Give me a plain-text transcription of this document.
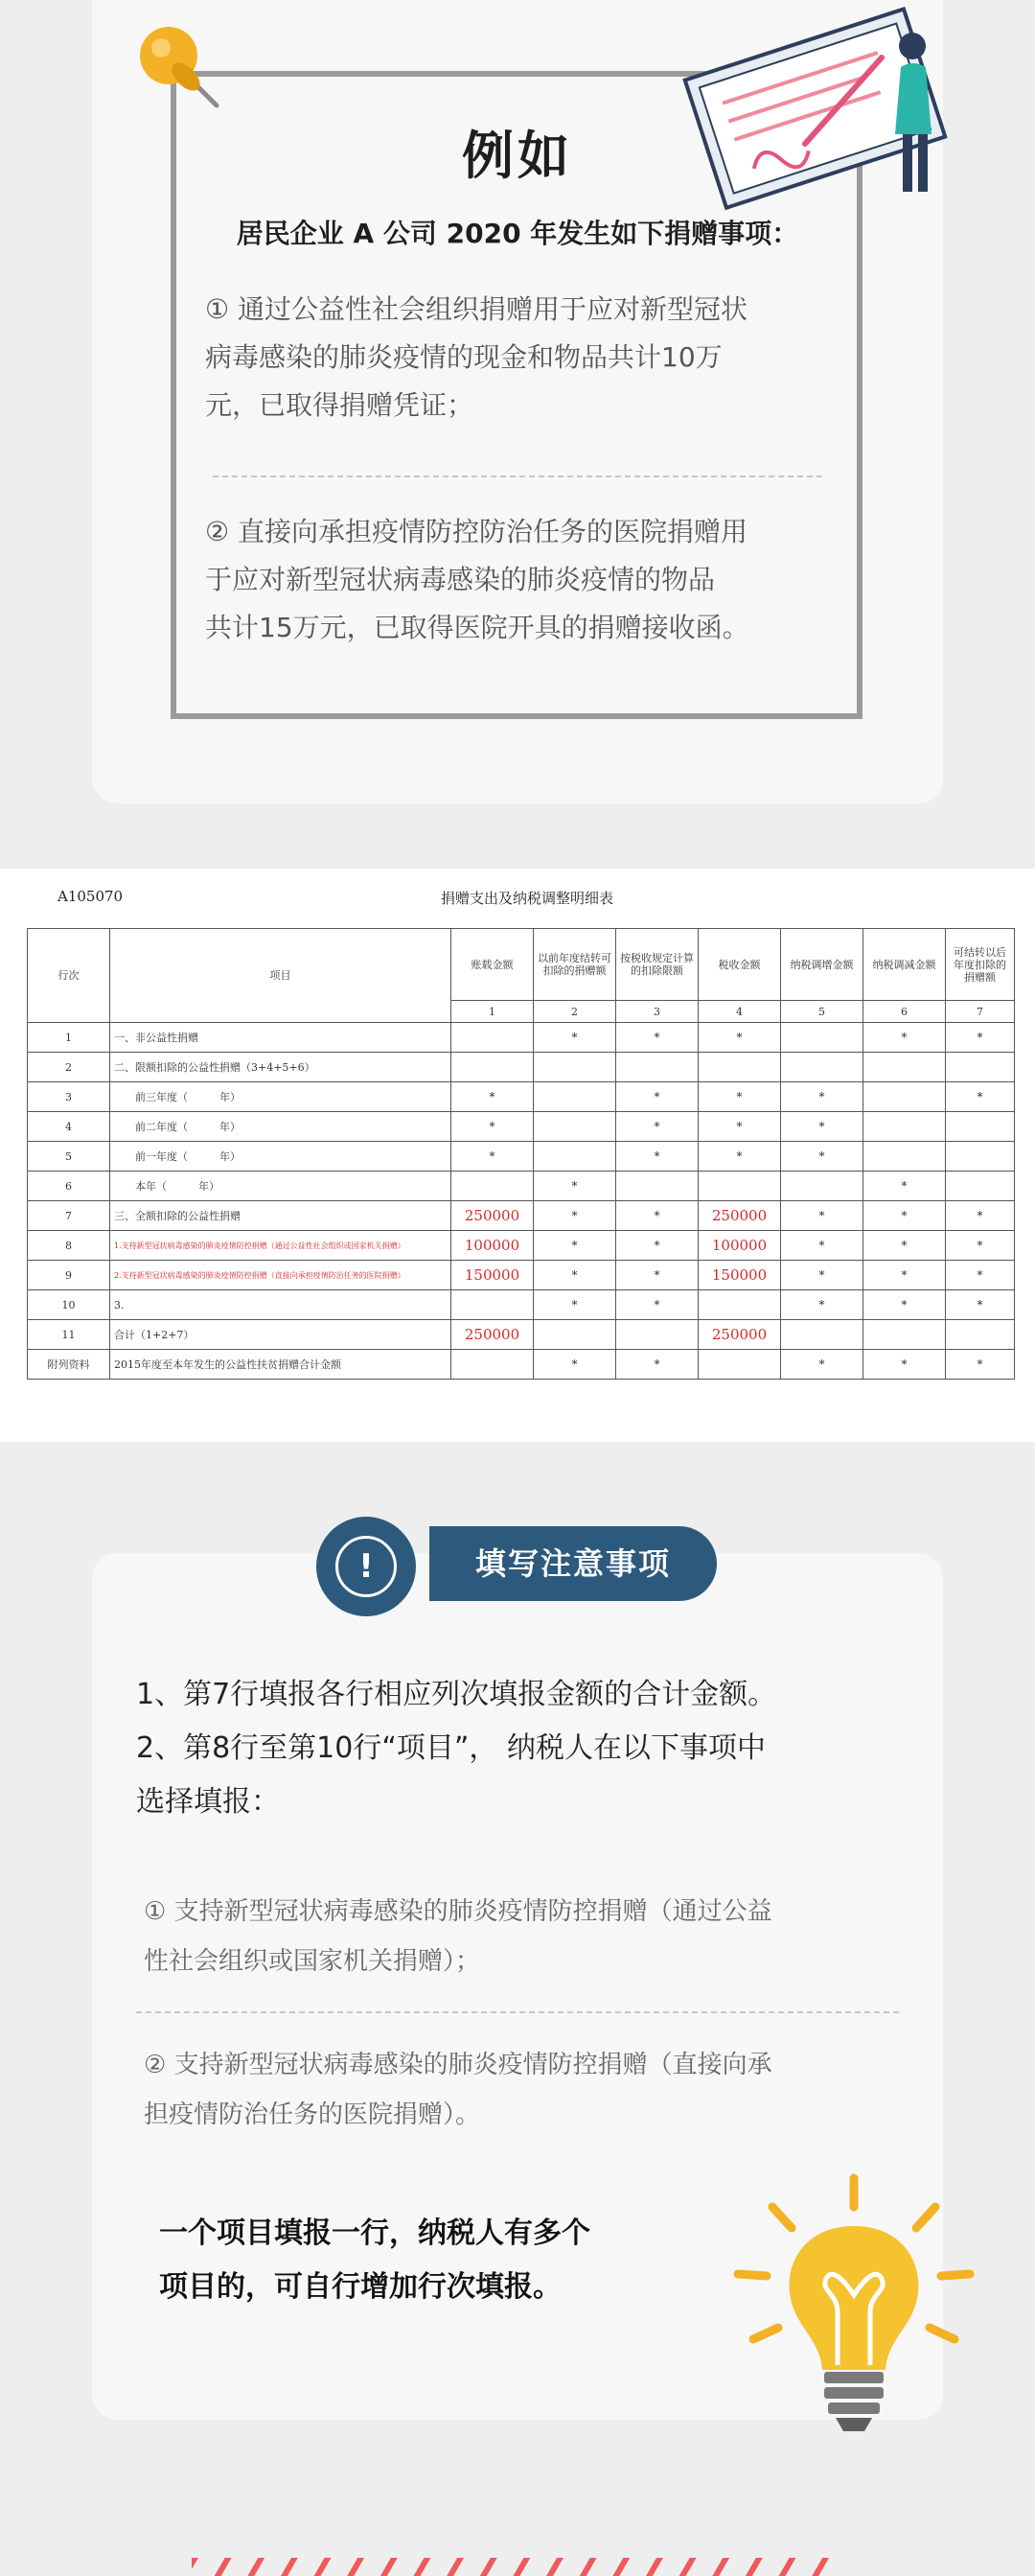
例如
居民企业 A 公司 2020 年发生如下捐赠事项：
① 通过公益性社会组织捐赠用于应对新型冠状
病毒感染的肺炎疫情的现金和物品共计10万
元，已取得捐赠凭证；
② 直接向承担疫情防控防治任务的医院捐赠用
于应对新型冠状病毒感染的肺炎疫情的物品
共计15万元，已取得医院开具的捐赠接收函。
A105070	捐赠支出及纳税调整明细表
行次	项目	账载金额	以前年度结转可扣除的捐赠额	按税收规定计算的扣除限额	税收金额	纳税调增金额	纳税调减金额	可结转以后年度扣除的捐赠额
		1	2	3	4	5	6	7
1	一、非公益性捐赠		*	*	*		*	*
2	二、限额扣除的公益性捐赠（3+4+5+6）							
3	　　前三年度（　　　年）	*		*	*	*		*
4	　　前二年度（　　　年）	*		*	*	*		
5	　　前一年度（　　　年）	*		*	*	*		
6	　　本年（　　　年）		*				*	
7	三、全额扣除的公益性捐赠	250000	*	*	250000	*	*	*
8	1.支持新型冠状病毒感染的肺炎疫情防控捐赠（通过公益性社会组织或国家机关捐赠）	100000	*	*	100000	*	*	*
9	2.支持新型冠状病毒感染的肺炎疫情防控捐赠（直接向承担疫情防治任务的医院捐赠）	150000	*	*	150000	*	*	*
10	3.		*	*		*	*	*
11	合计（1+2+7）	250000			250000			
附列资料	2015年度至本年发生的公益性扶贫捐赠合计金额		*	*		*	*	*
!	填写注意事项
1、第7行填报各行相应列次填报金额的合计金额。
2、第8行至第10行“项目”， 纳税人在以下事项中
选择填报：
① 支持新型冠状病毒感染的肺炎疫情防控捐赠（通过公益
性社会组织或国家机关捐赠）；
② 支持新型冠状病毒感染的肺炎疫情防控捐赠（直接向承
担疫情防治任务的医院捐赠）。
一个项目填报一行，纳税人有多个
项目的，可自行增加行次填报。
